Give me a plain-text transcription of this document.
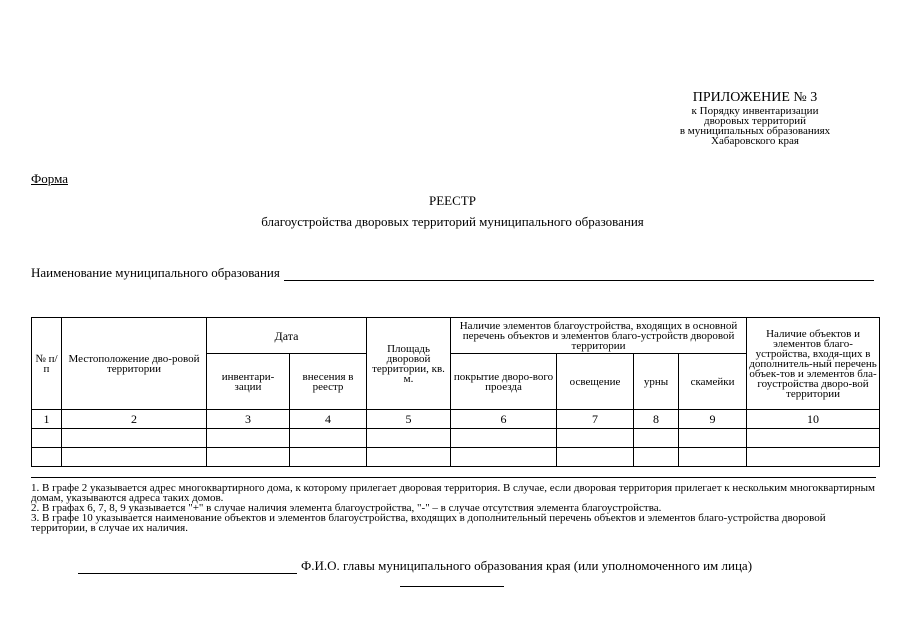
ПРИЛОЖЕНИЕ № 3
к Порядку инвентаризации
дворовых территорий
в муниципальных образованиях
Хабаровского края
Форма
РЕЕСТР
благоустройства дворовых территорий муниципального образования
Наименование муниципального образования
№ п/п	Местоположение дво-ровой территории	Дата		Площадь дворовой территории, кв. м.	Наличие элементов благоустройства, входящих в основной перечень объектов и элементов благо-устройств дворовой территории				Наличие объектов и элементов благо-устройства, входя-щих в дополнитель-ный перечень объек-тов и элементов бла-гоустройства дворо-вой территории
		инвентари-зации	внесения в реестр		покрытие дворо-вого проезда	освещение	урны	скамейки	
1	2	3	4	5	6	7	8	9	10

1. В графе 2 указывается адрес многоквартирного дома, к которому прилегает дворовая территория. В случае, если дворовая территория прилегает к нескольким многоквартирным домам, указываются адреса таких домов.
2. В графах 6, 7, 8, 9 указывается "+" в случае наличия элемента благоустройства, "-" – в случае отсутствия элемента благоустройства.
3. В графе 10 указывается наименование объектов и элементов благоустройства, входящих в дополнительный перечень объектов и элементов благо-устройства дворовой территории, в случае их наличия.
Ф.И.О. главы муниципального образования края (или уполномоченного им лица)
